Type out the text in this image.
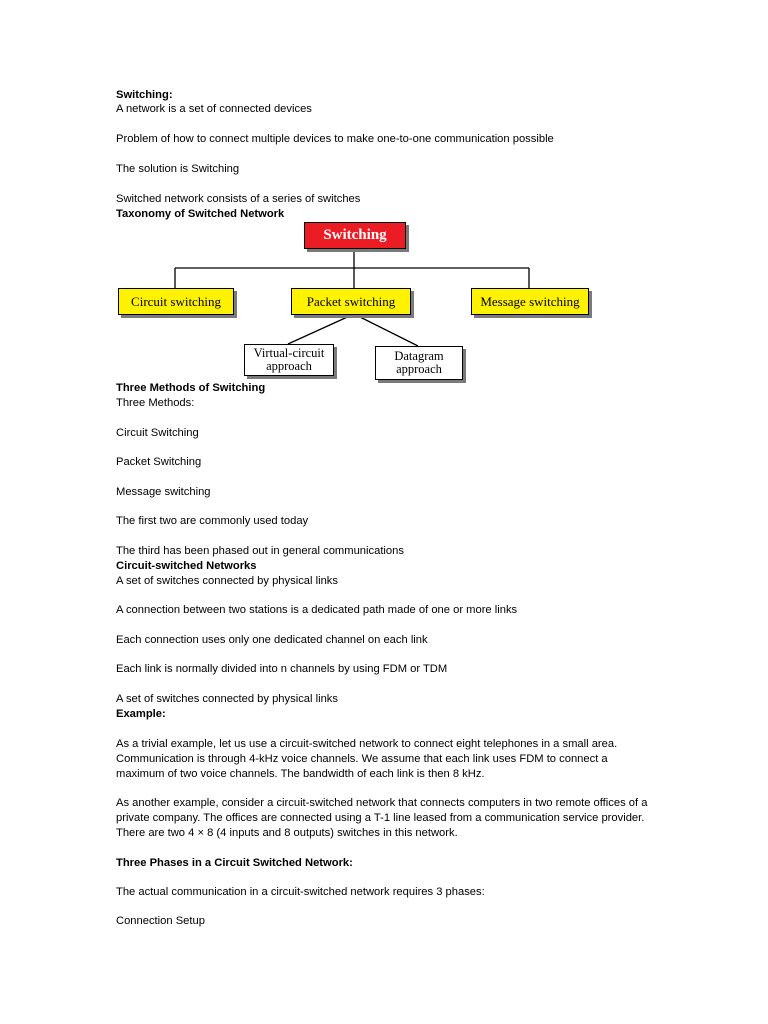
Switching:

A network is a set of connected devices

Problem of how to connect multiple devices to make one-to-one communication possible

The solution is Switching

Switched network consists of a series of switches

Taxonomy of Switched Network

Switching
Circuit switching	Packet switching	Message switching
Virtual-circuit
approach
Datagram
approach

Three Methods of Switching

Three Methods:

Circuit Switching

Packet Switching

Message switching

The first two are commonly used today

The third has been phased out in general communications

Circuit-switched Networks

A set of switches connected by physical links

A connection between two stations is a dedicated path made of one or more links

Each connection uses only one dedicated channel on each link

Each link is normally divided into n channels by using FDM or TDM

A set of switches connected by physical links

Example:

As a trivial example, let us use a circuit-switched network to connect eight telephones in a small area. Communication is through 4-kHz voice channels. We assume that each link uses FDM to connect a maximum of two voice channels. The bandwidth of each link is then 8 kHz.

As another example, consider a circuit-switched network that connects computers in two remote offices of a private company. The offices are connected using a T-1 line leased from a communication service provider. There are two 4 × 8 (4 inputs and 8 outputs) switches in this network.

Three Phases in a Circuit Switched Network:

The actual communication in a circuit-switched network requires 3 phases:

Connection Setup
